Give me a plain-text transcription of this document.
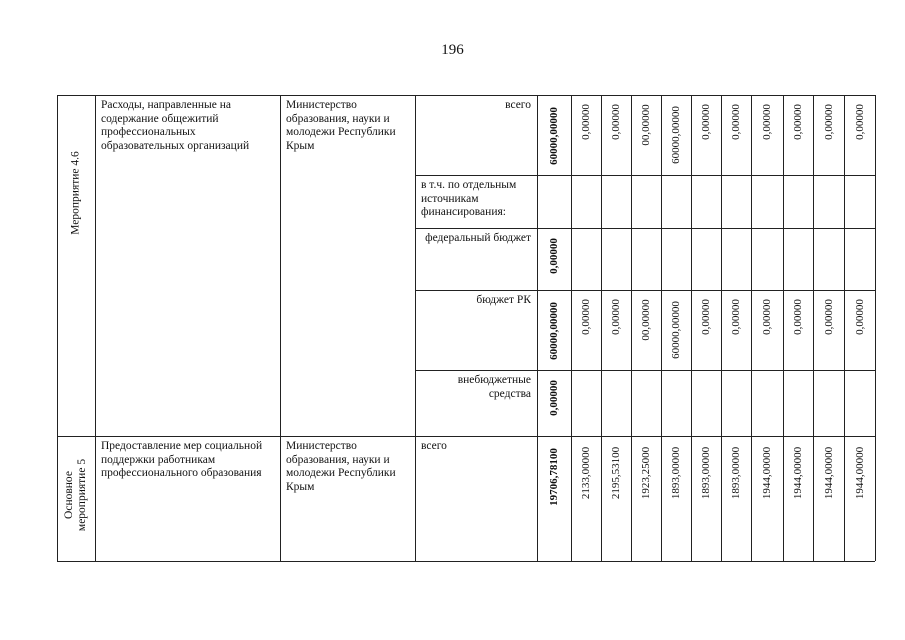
196
Мероприятие 4.6
Расходы, направленные на содержание общежитий профессиональных образовательных организаций
Министерство образования, науки и молодежи Республики Крым
всего
60000,00000 0,00000 0,00000 00,00000 60000,00000 0,00000 0,00000 0,00000 0,00000 0,00000 0,00000
в т.ч. по отдельным источникам финансирования:
федеральный бюджет
0,00000
бюджет РК
60000,00000 0,00000 0,00000 00,00000 60000,00000 0,00000 0,00000 0,00000 0,00000 0,00000 0,00000
внебюджетные средства 0,00000
Основное мероприятие 5
Предоставление мер социальной поддержки работникам профессионального образования
Министерство образования, науки и молодежи Республики Крым
всего
19706,78100 2133,00000 2195,53100 1923,25000 1893,00000 1893,00000 1893,00000 1944,00000 1944,00000 1944,00000 1944,00000
